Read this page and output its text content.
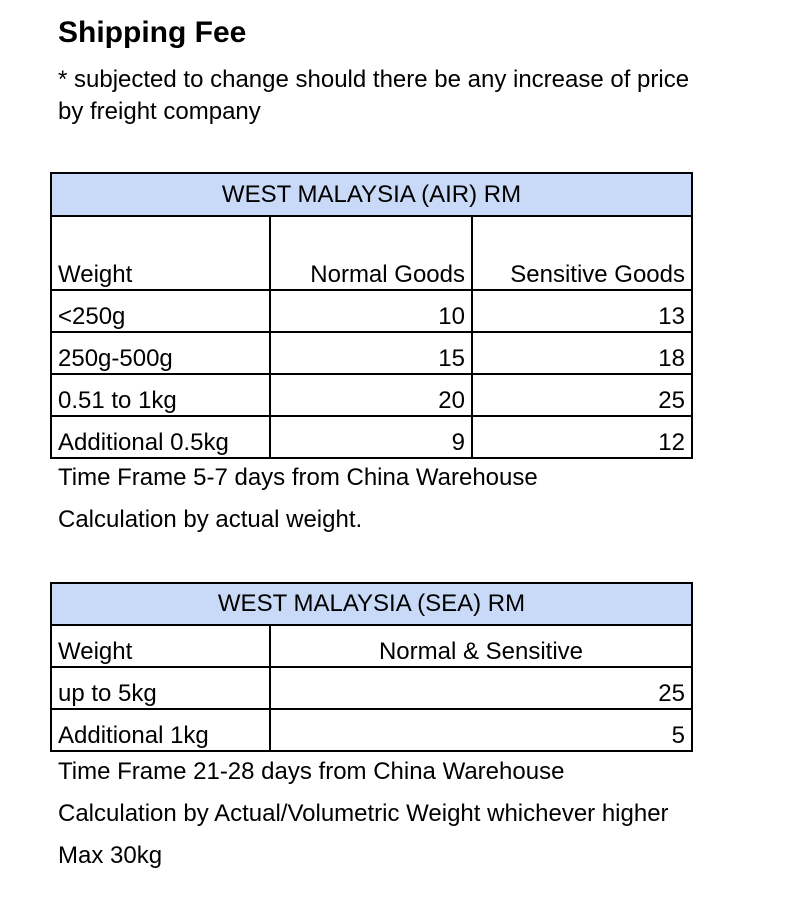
Shipping Fee

* subjected to change should there be any increase of price by freight company

WEST MALAYSIA (AIR) RM		
Weight	Normal Goods	Sensitive Goods
<250g	10	13
250g-500g	15	18
0.51 to 1kg	20	25
Additional 0.5kg	9	12

Time Frame 5-7 days from China Warehouse

Calculation by actual weight.

WEST MALAYSIA (SEA) RM	
Weight	Normal & Sensitive
up to 5kg	25
Additional 1kg	5

Time Frame 21-28 days from China Warehouse

Calculation by Actual/Volumetric Weight whichever higher

Max 30kg
